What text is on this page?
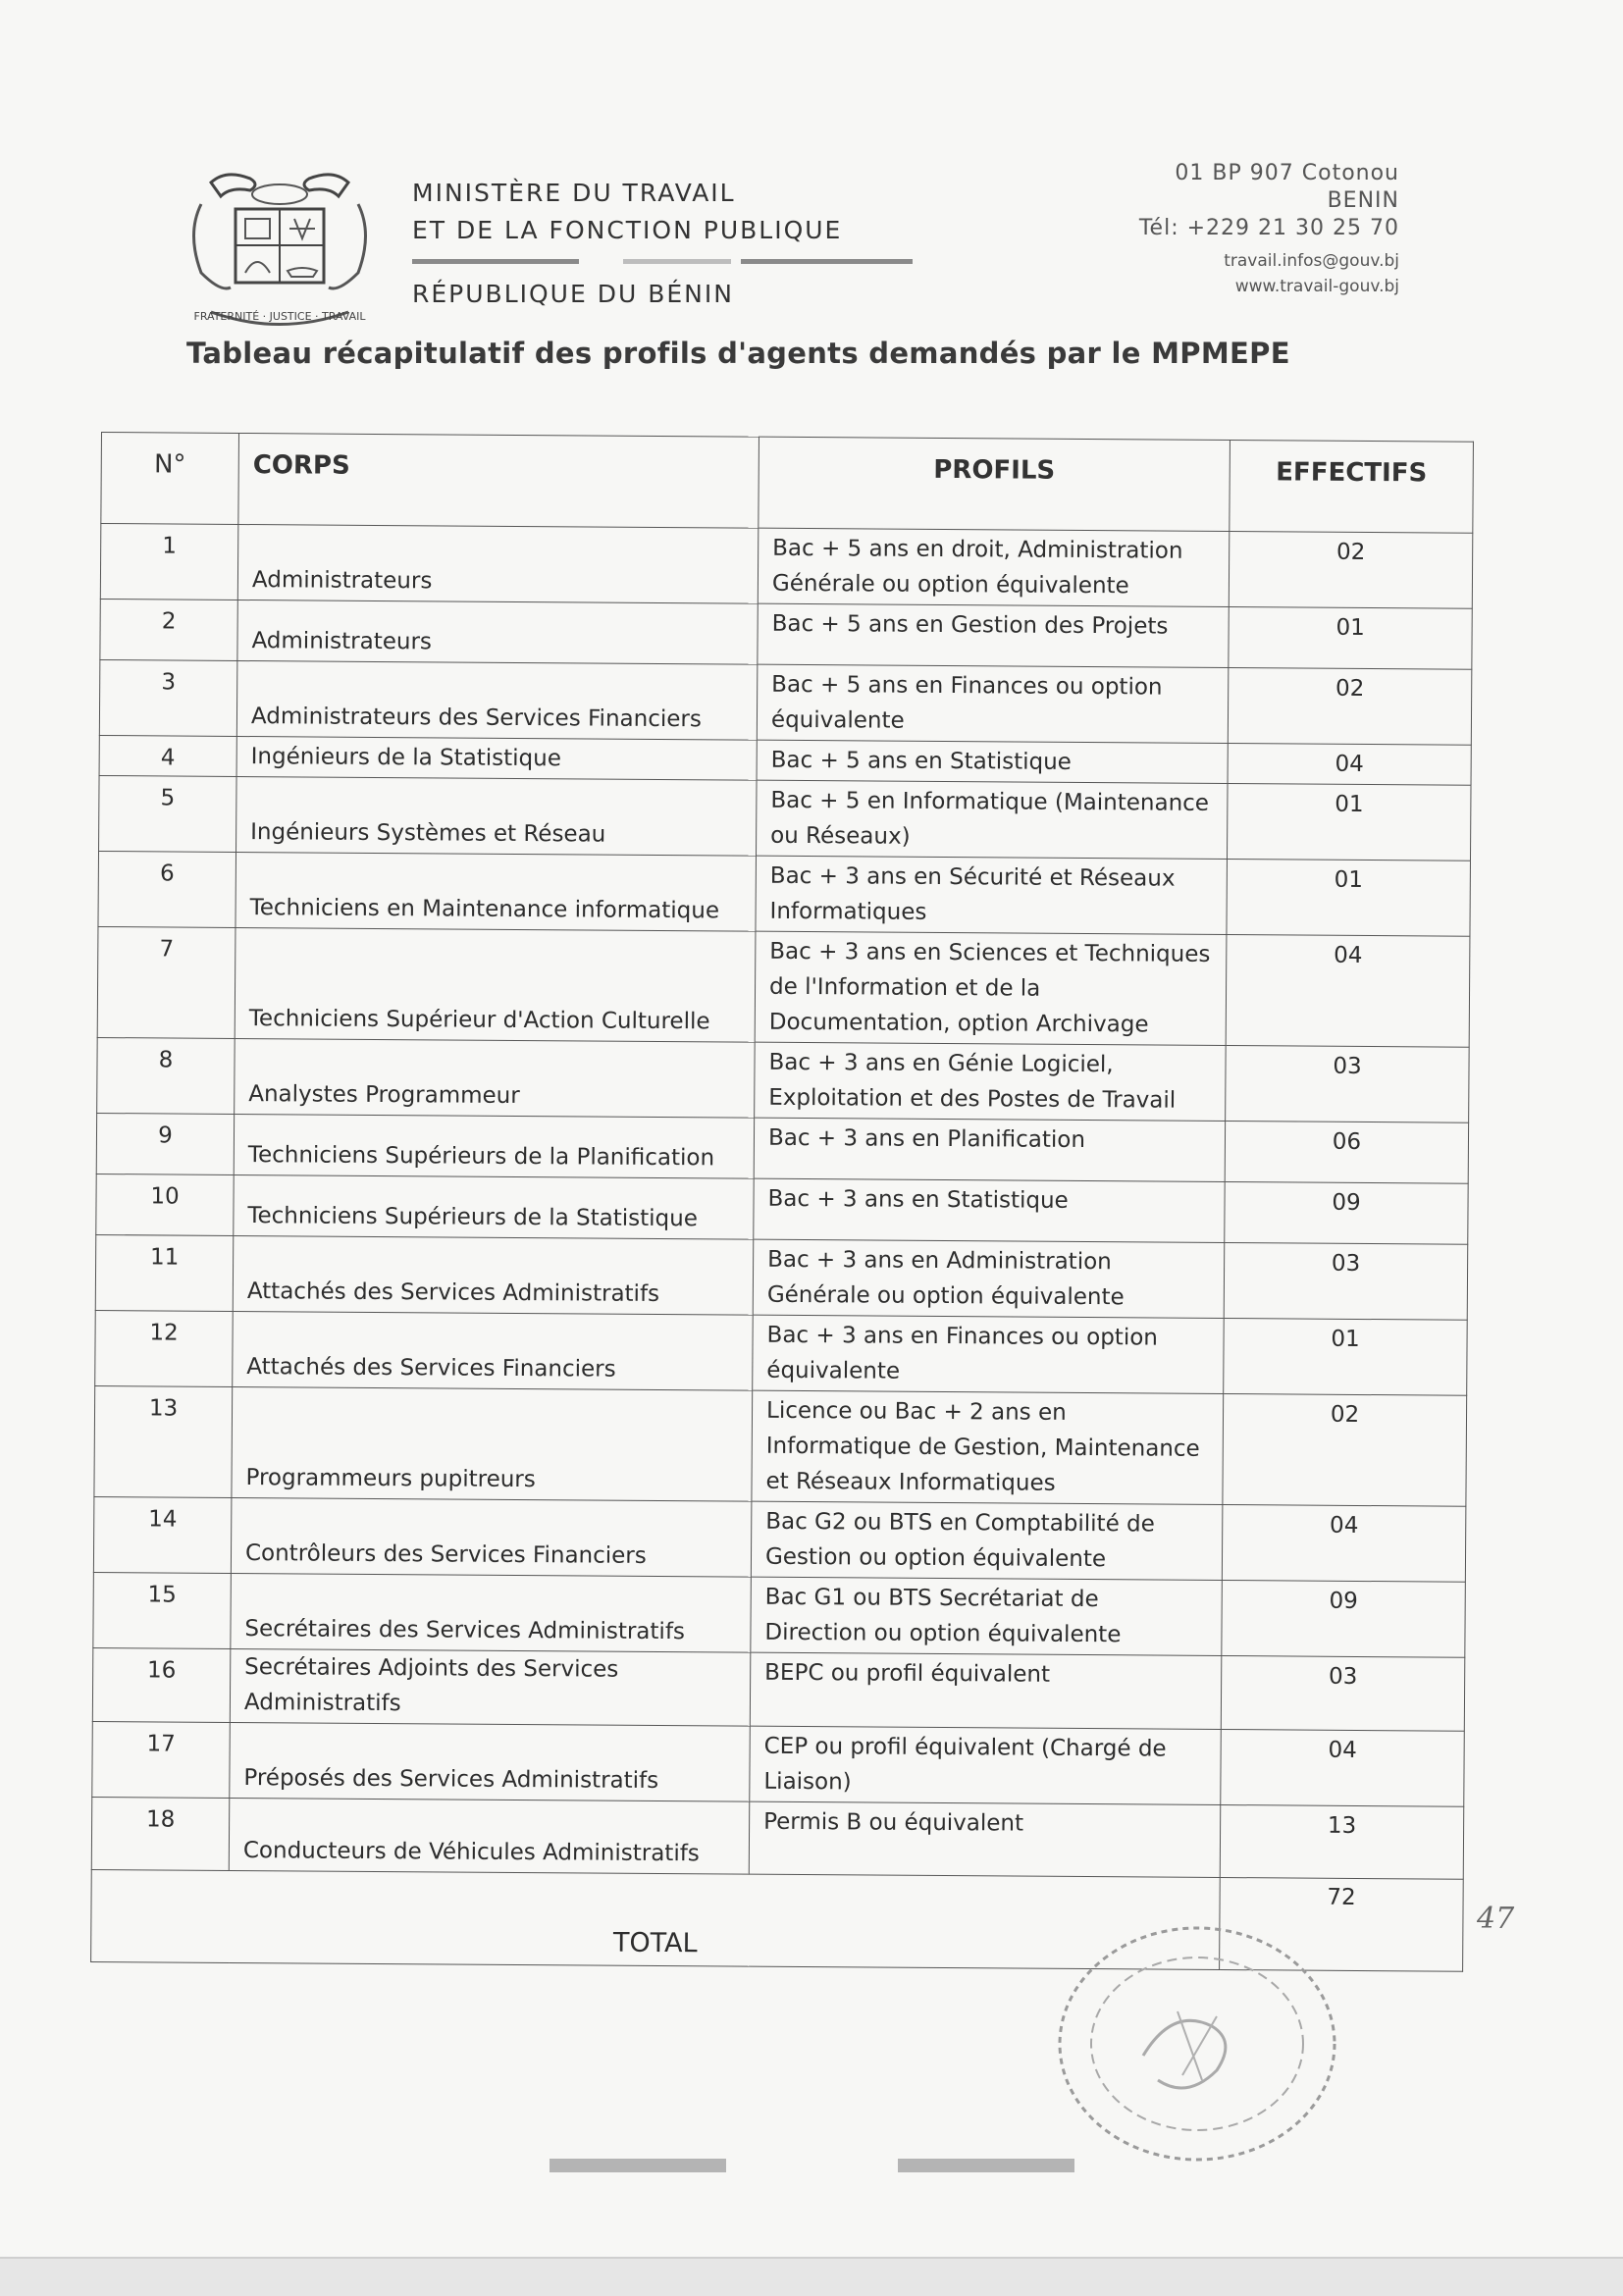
FRATERNITÉ · JUSTICE · TRAVAIL
MINISTÈRE DU TRAVAIL
ET DE LA FONCTION PUBLIQUE
RÉPUBLIQUE DU BÉNIN
01 BP 907 Cotonou
BENIN
Tél: +229 21 30 25 70
travail.infos@gouv.bj
www.travail-gouv.bj
Tableau récapitulatif des profils d'agents demandés par le MPMEPE
N°	CORPS	PROFILS	EFFECTIFS
1	Administrateurs	Bac + 5 ans en droit, Administration Générale ou option équivalente	02
2	Administrateurs	Bac + 5 ans en Gestion des Projets	01
3	Administrateurs des Services Financiers	Bac + 5 ans en Finances ou option équivalente	02
4	Ingénieurs de la Statistique	Bac + 5 ans en Statistique	04
5	Ingénieurs Systèmes et Réseau	Bac + 5 en Informatique (Maintenance ou Réseaux)	01
6	Techniciens en Maintenance informatique	Bac + 3 ans en Sécurité et Réseaux Informatiques	01
7	Techniciens Supérieur d'Action Culturelle	Bac + 3 ans en Sciences et Techniques de l'Information et de la Documentation, option Archivage	04
8	Analystes Programmeur	Bac + 3 ans en Génie Logiciel, Exploitation et des Postes de Travail	03
9	Techniciens Supérieurs de la Planification	Bac + 3 ans en Planification	06
10	Techniciens Supérieurs de la Statistique	Bac + 3 ans en Statistique	09
11	Attachés des Services Administratifs	Bac + 3 ans en Administration Générale ou option équivalente	03
12	Attachés des Services Financiers	Bac + 3 ans en Finances ou option équivalente	01
13	Programmeurs pupitreurs	Licence ou Bac + 2 ans en Informatique de Gestion, Maintenance et Réseaux Informatiques	02
14	Contrôleurs des Services Financiers	Bac G2 ou BTS en Comptabilité de Gestion ou option équivalente	04
15	Secrétaires des Services Administratifs	Bac G1 ou BTS Secrétariat de Direction ou option équivalente	09
16	Secrétaires Adjoints des Services Administratifs	BEPC ou profil équivalent	03
17	Préposés des Services Administratifs	CEP ou profil équivalent (Chargé de Liaison)	04
18	Conducteurs de Véhicules Administratifs	Permis B ou équivalent	13
TOTAL			72
47
